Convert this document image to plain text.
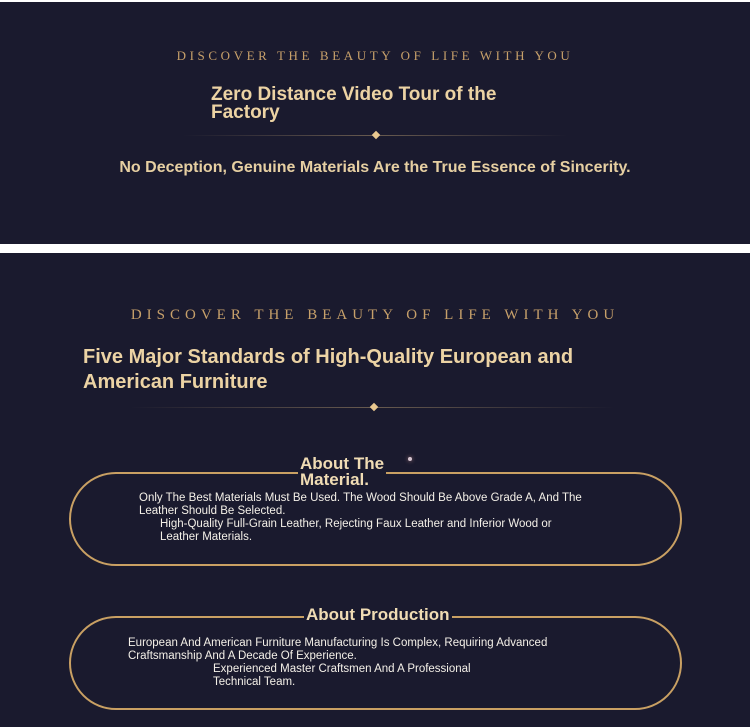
DISCOVER THE BEAUTY OF LIFE WITH YOU
Zero Distance Video Tour of the
Factory
No Deception, Genuine Materials Are the True Essence of Sincerity.
DISCOVER THE BEAUTY OF LIFE WITH YOU
Five Major Standards of High-Quality European and
American Furniture
About The
Material.
Only The Best Materials Must Be Used. The Wood Should Be Above Grade A, And The
Leather Should Be Selected.
High-Quality Full-Grain Leather, Rejecting Faux Leather and Inferior Wood or
Leather Materials.
About Production
European And American Furniture Manufacturing Is Complex, Requiring Advanced
Craftsmanship And A Decade Of Experience.
Experienced Master Craftsmen And A Professional
Technical Team.
